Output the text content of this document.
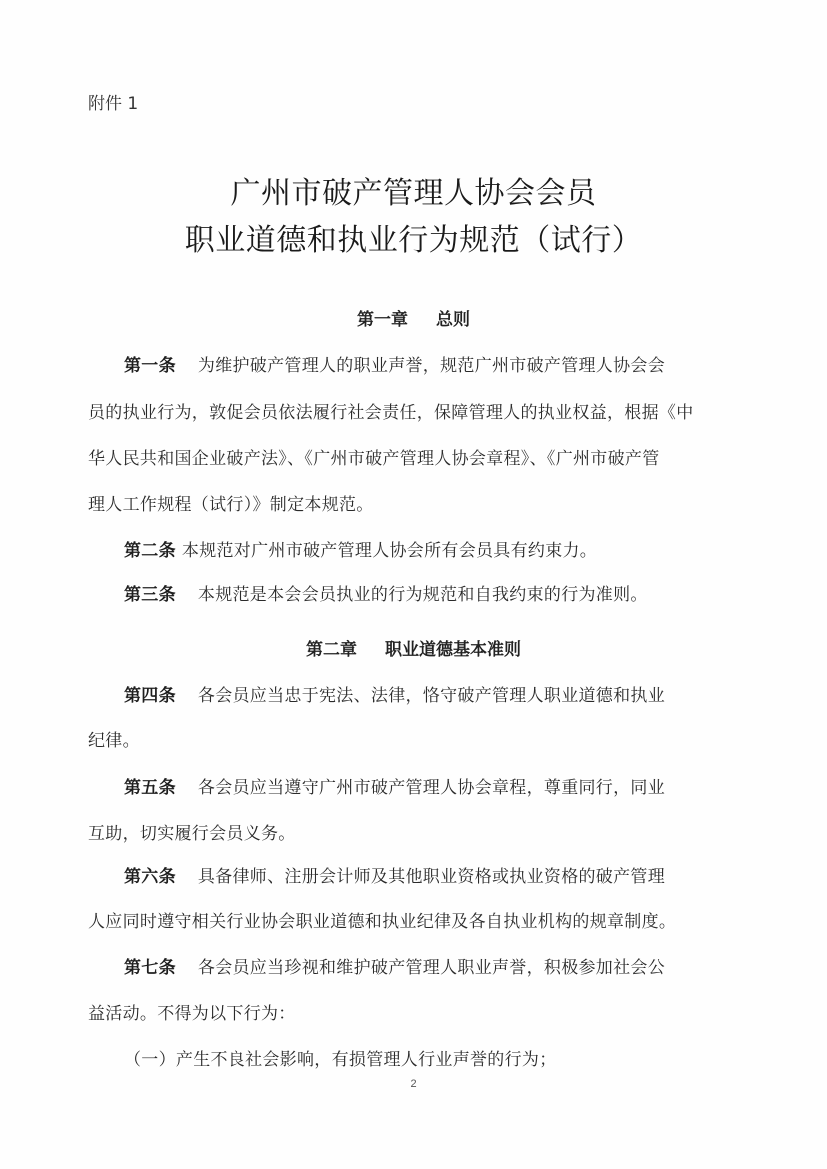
附件 1
广州市破产管理人协会会员
职业道德和执业行为规范（试行）
第一章 总则
第一条 为维护破产管理人的职业声誉，规范广州市破产管理人协会会
员的执业行为，敦促会员依法履行社会责任，保障管理人的执业权益，根据《中
华人民共和国企业破产法》、《广州市破产管理人协会章程》、《广州市破产管
理人工作规程（试行）》制定本规范。
第二条 本规范对广州市破产管理人协会所有会员具有约束力。
第三条 本规范是本会会员执业的行为规范和自我约束的行为准则。
第二章 职业道德基本准则
第四条 各会员应当忠于宪法、法律，恪守破产管理人职业道德和执业
纪律。
第五条 各会员应当遵守广州市破产管理人协会章程，尊重同行，同业
互助，切实履行会员义务。
第六条 具备律师、注册会计师及其他职业资格或执业资格的破产管理
人应同时遵守相关行业协会职业道德和执业纪律及各自执业机构的规章制度。
第七条 各会员应当珍视和维护破产管理人职业声誉，积极参加社会公
益活动。不得为以下行为：
（一）产生不良社会影响，有损管理人行业声誉的行为；
2
